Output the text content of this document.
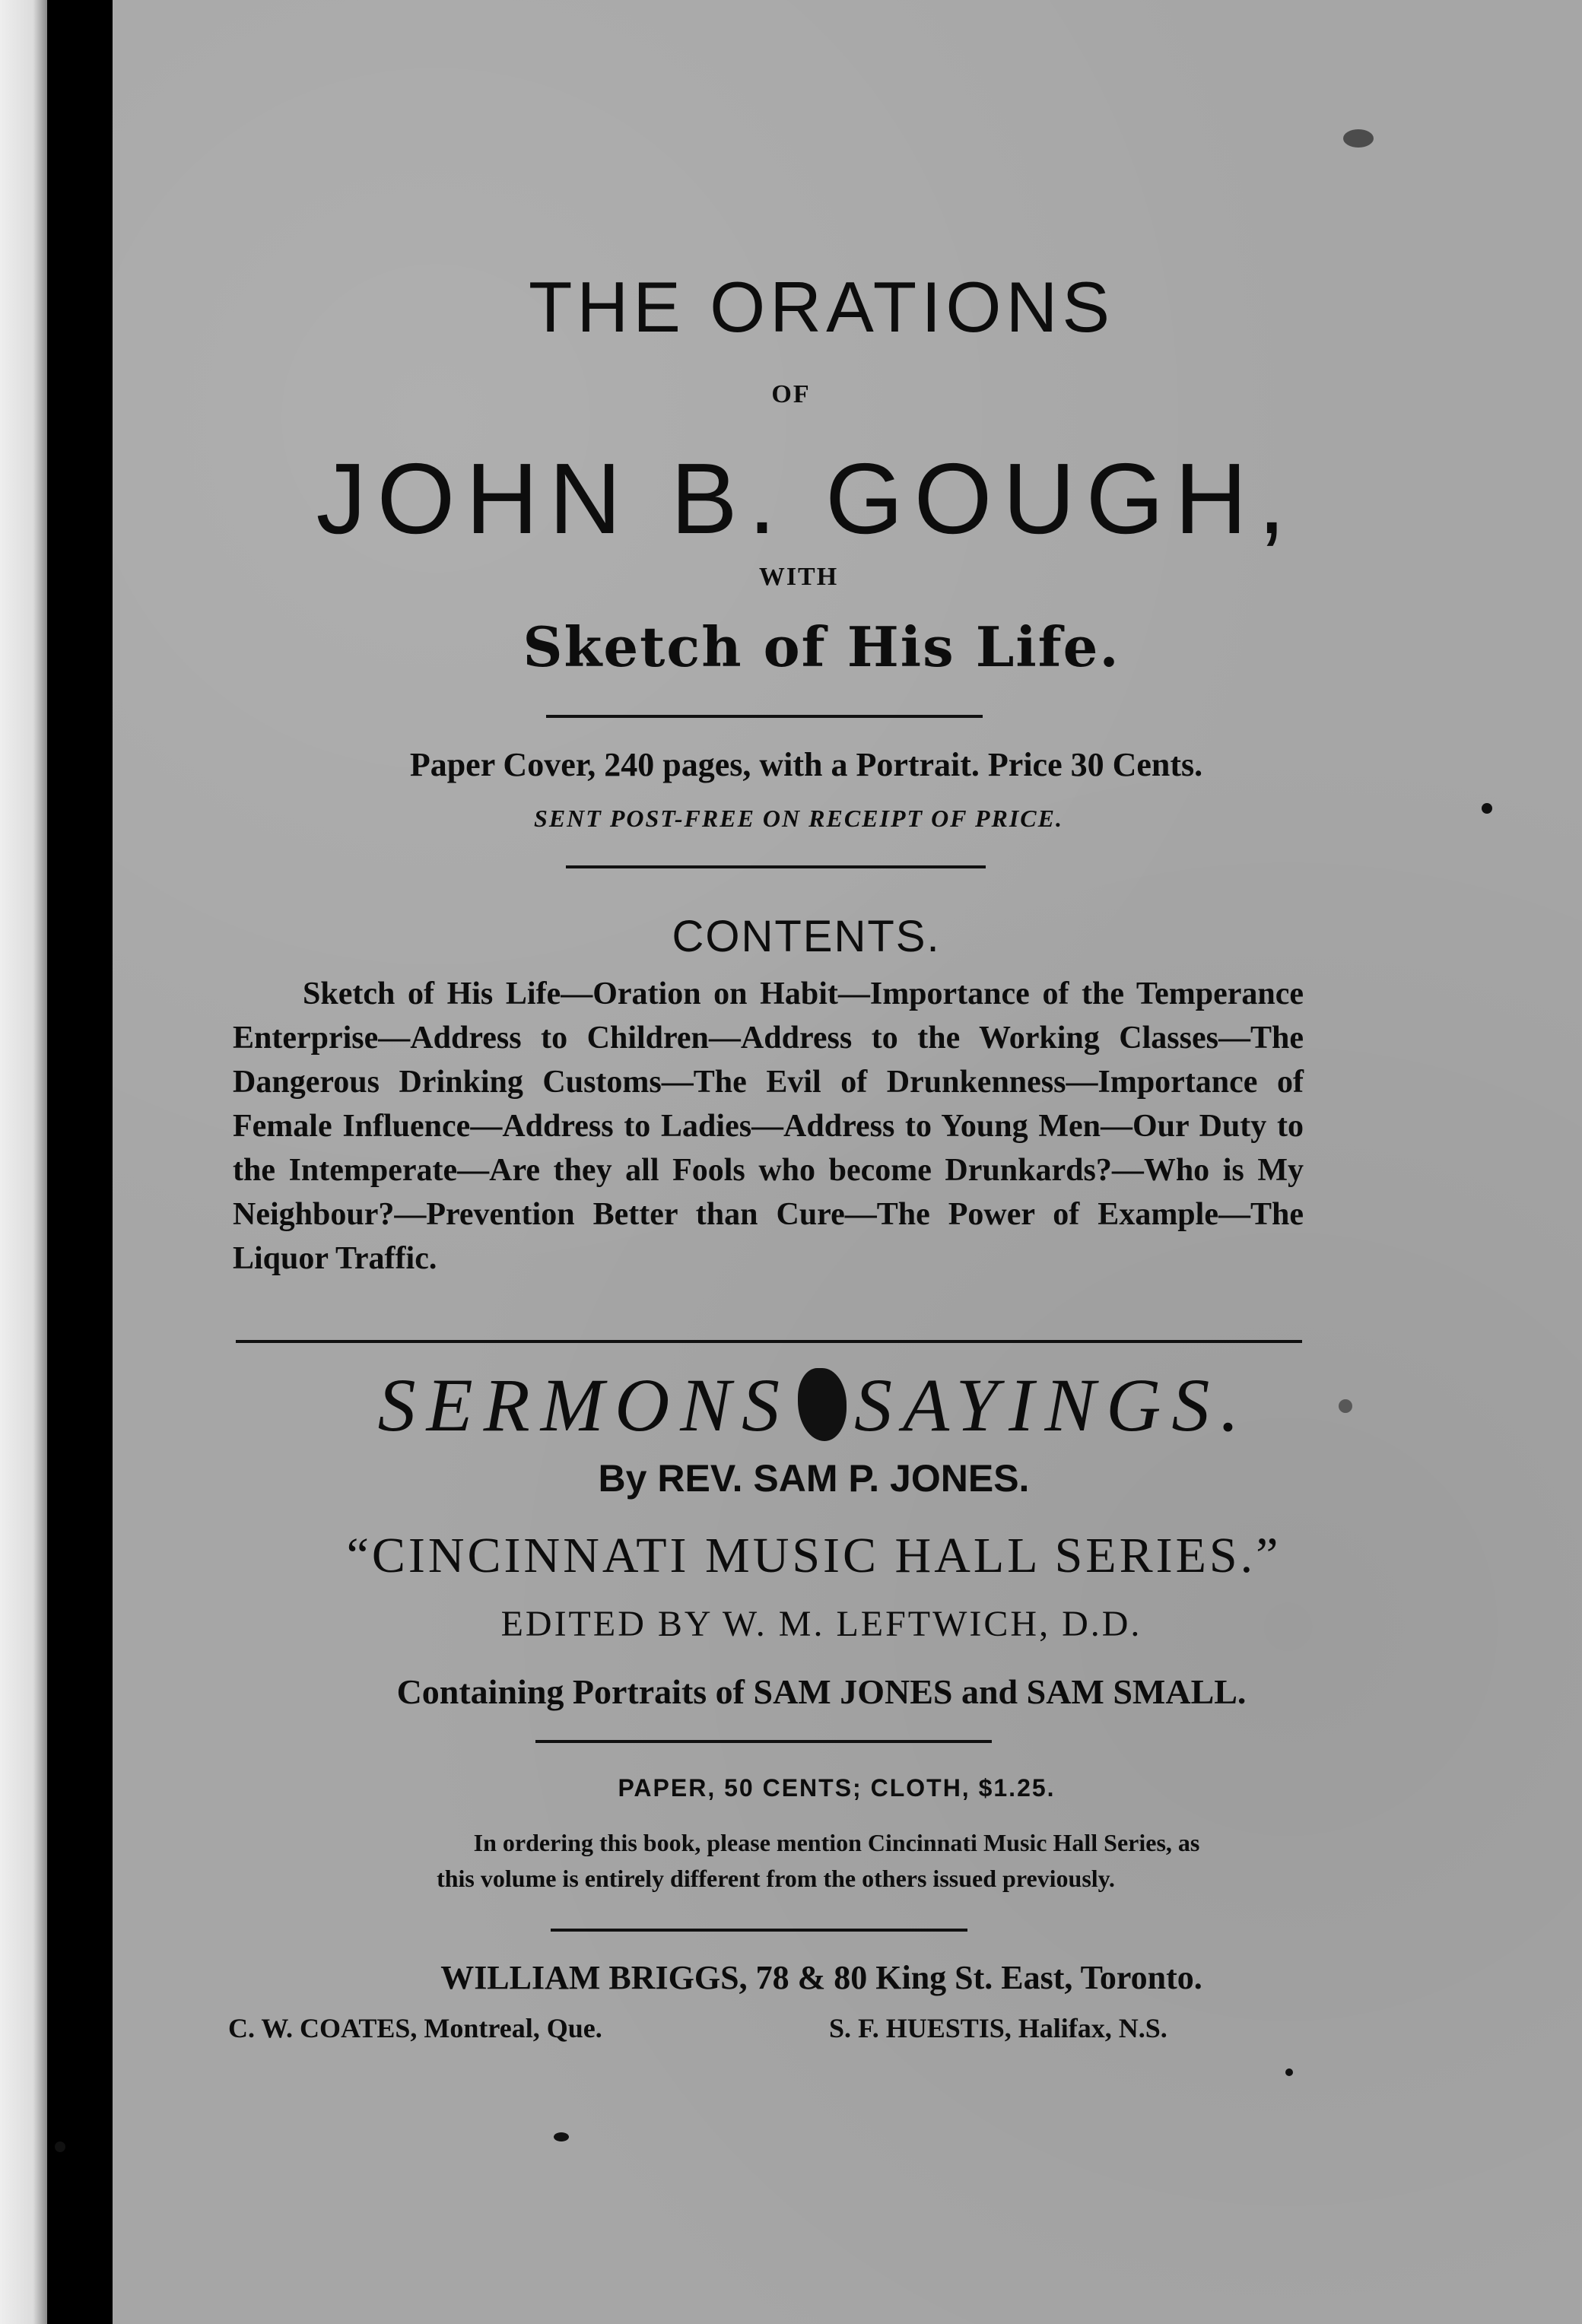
THE ORATIONS
OF
JOHN B. GOUGH,
WITH
Sketch of His Life.
Paper Cover, 240 pages, with a Portrait. Price 30 Cents.
SENT POST-FREE ON RECEIPT OF PRICE.
CONTENTS.
Sketch of His Life—Oration on Habit—Importance of the Temperance Enterprise—Address to Children—Address to the Working Classes—The Dangerous Drinking Customs—The Evil of Drunkenness—Importance of Female Influence—Address to Ladies—Address to Young Men—Our Duty to the Intemperate—Are they all Fools who become Drunkards?—Who is My Neighbour?—Prevention Better than Cure—The Power of Example—The Liquor Traffic.
SERMONS SAYINGS.
By REV. SAM P. JONES.
“CINCINNATI MUSIC HALL SERIES.”
EDITED BY W. M. LEFTWICH, D.D.
Containing Portraits of SAM JONES and SAM SMALL.
PAPER, 50 CENTS; CLOTH, $1.25.
In ordering this book, please mention Cincinnati Music Hall Series, as
this volume is entirely different from the others issued previously.
WILLIAM BRIGGS, 78 & 80 King St. East, Toronto.
C. W. COATES, Montreal, Que.	S. F. HUESTIS, Halifax, N.S.
